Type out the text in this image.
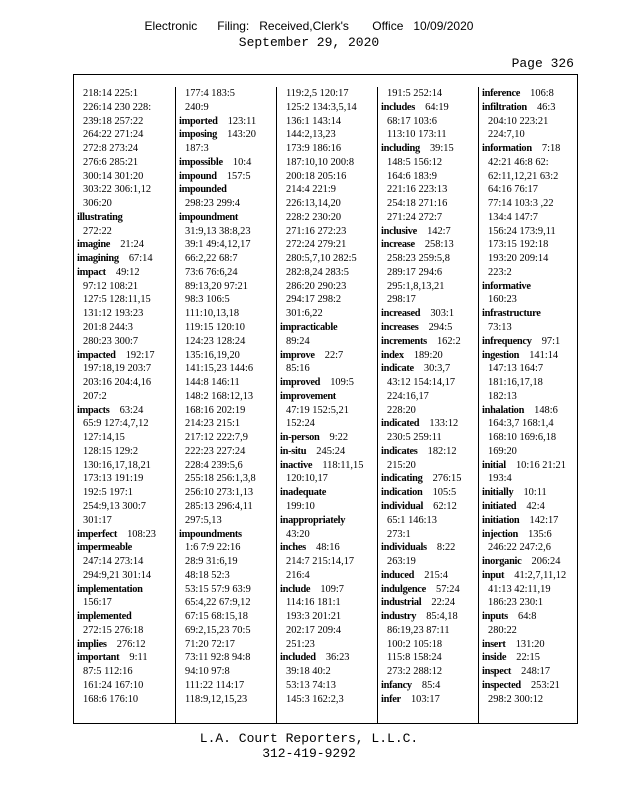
Electronic      Filing:   Received,Clerk's       Office   10/09/2020
September 29, 2020
Page 326
218:14 225:1
226:14 230 228:
239:18 257:22
264:22 271:24
272:8 273:24
276:6 285:21
300:14 301:20
303:22 306:1,12
306:20
illustrating
272:22
imagine  21:24
imagining  67:14
impact  49:12
97:12 108:21
127:5 128:11,15
131:12 193:23
201:8 244:3
280:23 300:7
impacted  192:17
197:18,19 203:7
203:16 204:4,16
207:2
impacts  63:24
65:9 127:4,7,12
127:14,15
128:15 129:2
130:16,17,18,21
173:13 191:19
192:5 197:1
254:9,13 300:7
301:17
imperfect  108:23
impermeable
247:14 273:14
294:9,21 301:14
implementation
156:17
implemented
272:15 276:18
implies  276:12
important  9:11
87:5 112:16
161:24 167:10
168:6 176:10
177:4 183:5
240:9
imported  123:11
imposing  143:20
187:3
impossible  10:4
impound  157:5
impounded
298:23 299:4
impoundment
31:9,13 38:8,23
39:1 49:4,12,17
66:2,22 68:7
73:6 76:6,24
89:13,20 97:21
98:3 106:5
111:10,13,18
119:15 120:10
124:23 128:24
135:16,19,20
141:15,23 144:6
144:8 146:11
148:2 168:12,13
168:16 202:19
214:23 215:1
217:12 222:7,9
222:23 227:24
228:4 239:5,6
255:18 256:1,3,8
256:10 273:1,13
285:13 296:4,11
297:5,13
impoundments
1:6 7:9 22:16
28:9 31:6,19
48:18 52:3
53:15 57:9 63:9
65:4,22 67:9,12
67:15 68:15,18
69:2,15,23 70:5
71:20 72:17
73:11 92:8 94:8
94:10 97:8
111:22 114:17
118:9,12,15,23
119:2,5 120:17
125:2 134:3,5,14
136:1 143:14
144:2,13,23
173:9 186:16
187:10,10 200:8
200:18 205:16
214:4 221:9
226:13,14,20
228:2 230:20
271:16 272:23
272:24 279:21
280:5,7,10 282:5
282:8,24 283:5
286:20 290:23
294:17 298:2
301:6,22
impracticable
89:24
improve  22:7
85:16
improved  109:5
improvement
47:19 152:5,21
152:24
in-person  9:22
in-situ  245:24
inactive  118:11,15
120:10,17
inadequate
199:10
inappropriately
43:20
inches  48:16
214:7 215:14,17
216:4
include  109:7
114:16 181:1
193:3 201:21
202:17 209:4
251:23
included  36:23
39:18 40:2
53:13 74:13
145:3 162:2,3
191:5 252:14
includes  64:19
68:17 103:6
113:10 173:11
including  39:15
148:5 156:12
164:6 183:9
221:16 223:13
254:18 271:16
271:24 272:7
inclusive  142:7
increase  258:13
258:23 259:5,8
289:17 294:6
295:1,8,13,21
298:17
increased  303:1
increases  294:5
increments  162:2
index  189:20
indicate  30:3,7
43:12 154:14,17
224:16,17
228:20
indicated  133:12
230:5 259:11
indicates  182:12
215:20
indicating  276:15
indication  105:5
individual  62:12
65:1 146:13
273:1
individuals  8:22
263:19
induced  215:4
indulgence  57:24
industrial  22:24
industry  85:4,18
86:19,23 87:11
100:2 105:18
115:8 158:24
273:2 288:12
infancy  85:4
infer  103:17
inference  106:8
infiltration  46:3
204:10 223:21
224:7,10
information  7:18
42:21 46:8 62:
62:11,12,21 63:2
64:16 76:17
77:14 103:3 ,22
134:4 147:7
156:24 173:9,11
173:15 192:18
193:20 209:14
223:2
informative
160:23
infrastructure
73:13
infrequency  97:1
ingestion  141:14
147:13 164:7
181:16,17,18
182:13
inhalation  148:6
164:3,7 168:1,4
168:10 169:6,18
169:20
initial  10:16 21:21
193:4
initially  10:11
initiated  42:4
initiation  142:17
injection  135:6
246:22 247:2,6
inorganic  206:24
input  41:2,7,11,12
41:13 42:11,19
186:23 230:1
inputs  64:8
280:22
insert  131:20
inside  22:15
inspect  248:17
inspected  253:21
298:2 300:12
L.A. Court Reporters, L.L.C.
312-419-9292
